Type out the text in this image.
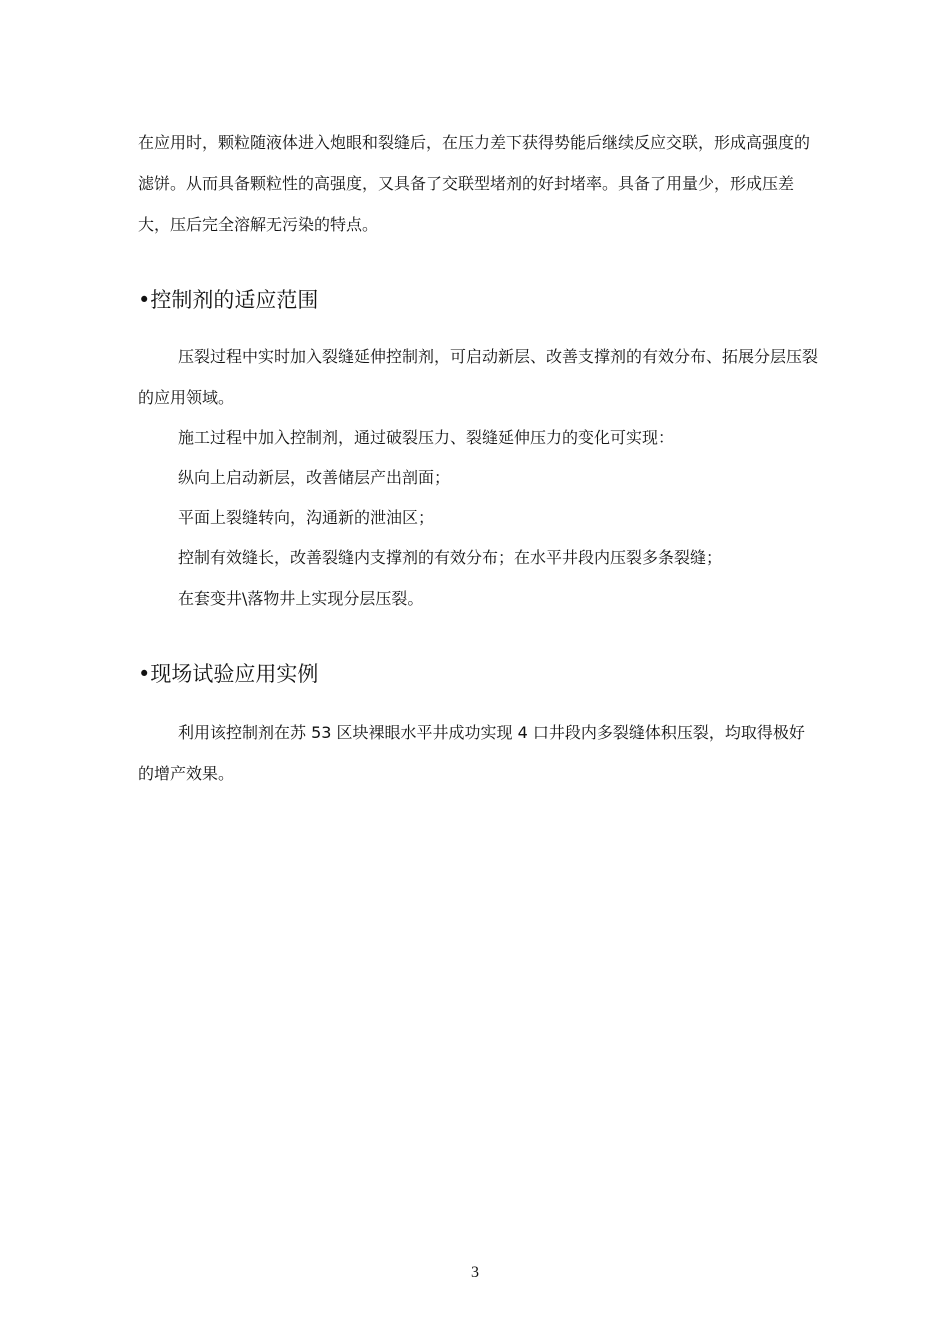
在应用时，颗粒随液体进入炮眼和裂缝后，在压力差下获得势能后继续反应交联，形成高强度的滤饼。从而具备颗粒性的高强度，又具备了交联型堵剂的好封堵率。具备了用量少，形成压差大，压后完全溶解无污染的特点。

•控制剂的适应范围

压裂过程中实时加入裂缝延伸控制剂，可启动新层、改善支撑剂的有效分布、拓展分层压裂的应用领域。

施工过程中加入控制剂，通过破裂压力、裂缝延伸压力的变化可实现：

纵向上启动新层，改善储层产出剖面；

平面上裂缝转向，沟通新的泄油区；

控制有效缝长，改善裂缝内支撑剂的有效分布；在水平井段内压裂多条裂缝；

在套变井\落物井上实现分层压裂。

•现场试验应用实例

利用该控制剂在苏 53 区块裸眼水平井成功实现 4 口井段内多裂缝体积压裂，均取得极好的增产效果。

3
